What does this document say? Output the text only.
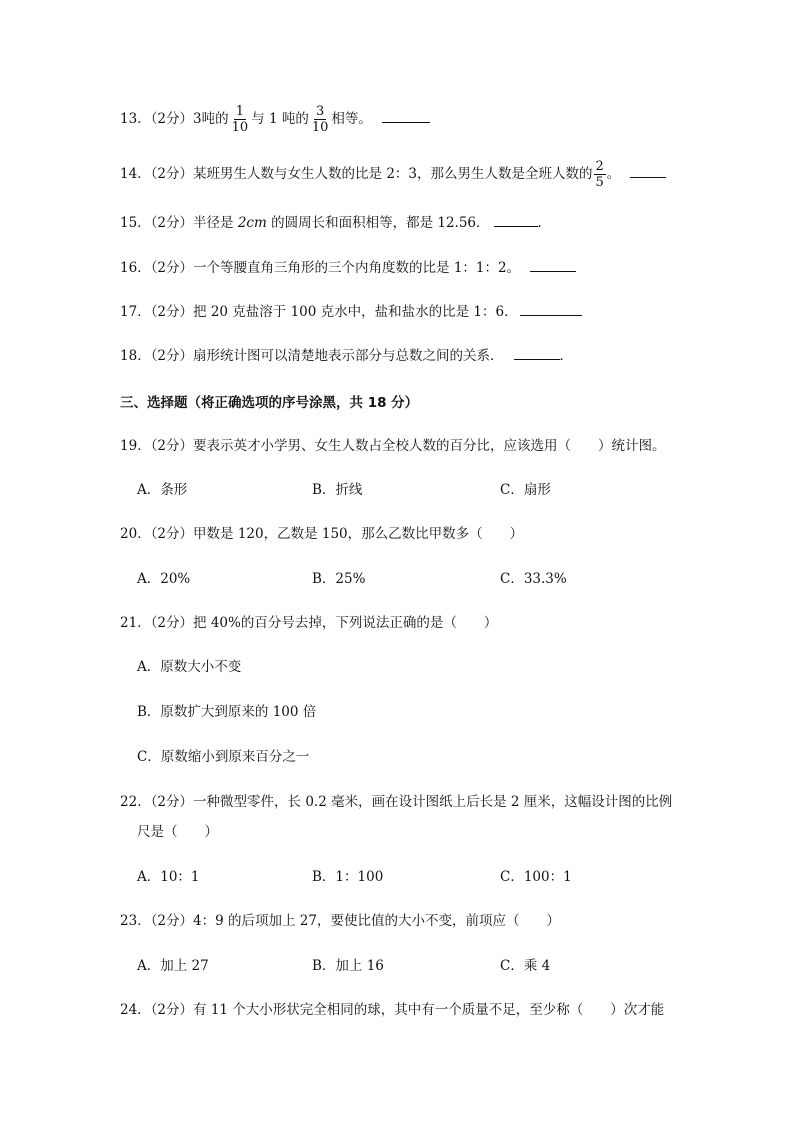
13．（2分）3吨的 $\frac{1}{10}$ 与 1 吨的 $\frac{3}{10}$ 相等。
14．（2分）某班男生人数与女生人数的比是 2：3，那么男生人数是全班人数的 $\frac{2}{5}$ 。
15．（2分）半径是 2cm 的圆周长和面积相等，都是 12.56．	．
16．（2分）一个等腰直角三角形的三个内角度数的比是 1：1：2。
17．（2分）把 20 克盐溶于 100 克水中，盐和盐水的比是 1：6．
18．（2分）扇形统计图可以清楚地表示部分与总数之间的关系．	．
三、选择题（将正确选项的序号涂黑，共 18 分）
19．（2分）要表示英才小学男、女生人数占全校人数的百分比，应该选用（　　）统计图。
A．条形	B．折线	C．扇形
20．（2分）甲数是 120，乙数是 150，那么乙数比甲数多（　　）
A．20%	B．25%	C．33.3%
21．（2分）把 40%的百分号去掉，下列说法正确的是（　　）
A．原数大小不变
B．原数扩大到原来的 100 倍
C．原数缩小到原来百分之一
22．（2分）一种微型零件，长 0.2 毫米，画在设计图纸上后长是 2 厘米，这幅设计图的比例
尺是（　　）
A．10：1	B．1：100	C．100：1
23．（2分）4：9 的后项加上 27，要使比值的大小不变，前项应（　　）
A．加上 27	B．加上 16	C．乘 4
24．（2分）有 11 个大小形状完全相同的球，其中有一个质量不足，至少称（　　）次才能
